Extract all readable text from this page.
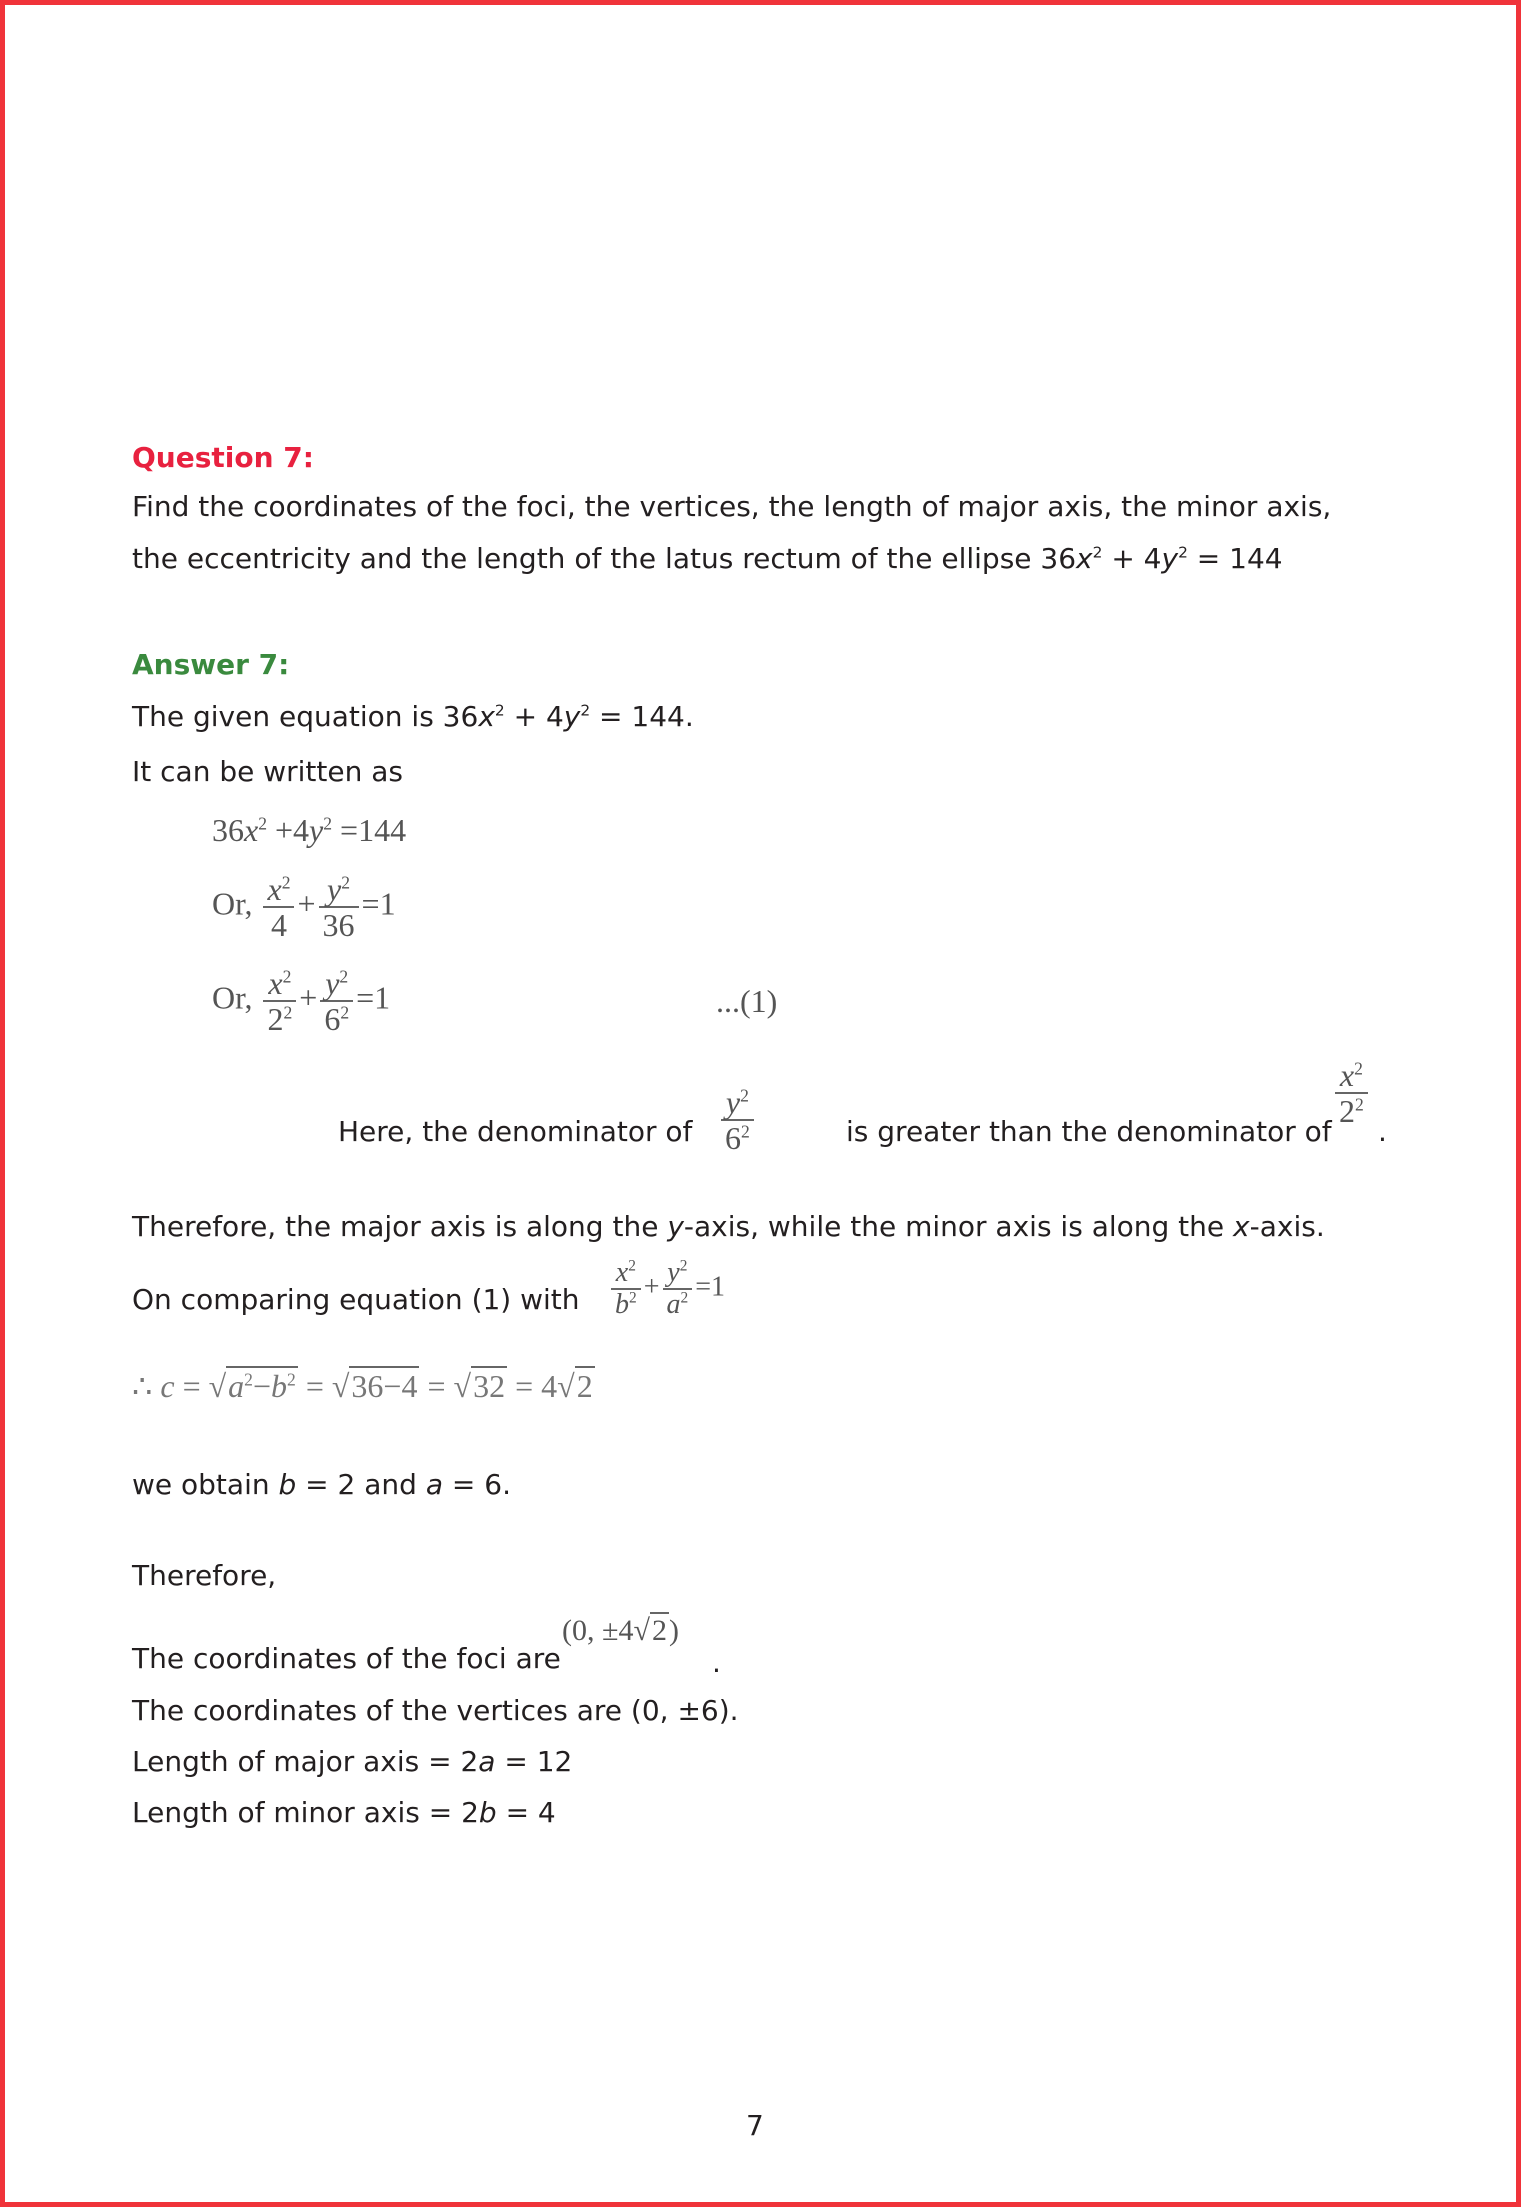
Question 7:
Find the coordinates of the foci, the vertices, the length of major axis, the minor axis,
the eccentricity and the length of the latus rectum of the ellipse $36x^2 + 4y^2 = 144$
Answer 7:
The given equation is $36x^2 + 4y^2 = 144$.
It can be written as
$36x^2 +4y^2 =144$
Or, $\frac{x^2}{4} + \frac{y^2}{36} =1$
Or, $\frac{x^2}{2^2} + \frac{y^2}{6^2} =1$	...(1)
Here, the denominator of $\frac{y^2}{6^2}$	is greater than the denominator of
$\frac{x^2}{2^2}$
.
Therefore, the major axis is along the y-axis, while the minor axis is along the x-axis.
On comparing equation (1) with $\frac{x^2}{b^2} + \frac{y^2}{a^2} =1$
∴ $c = √a^2-b^2 = √36-4 = √32 = 4√2$
we obtain b = 2 and a = 6.
Therefore,
The coordinates of the foci are
(0, ±4√2)
.
The coordinates of the vertices are (0, ±6).
Length of major axis = 2a = 12
Length of minor axis = 2b = 4
7
